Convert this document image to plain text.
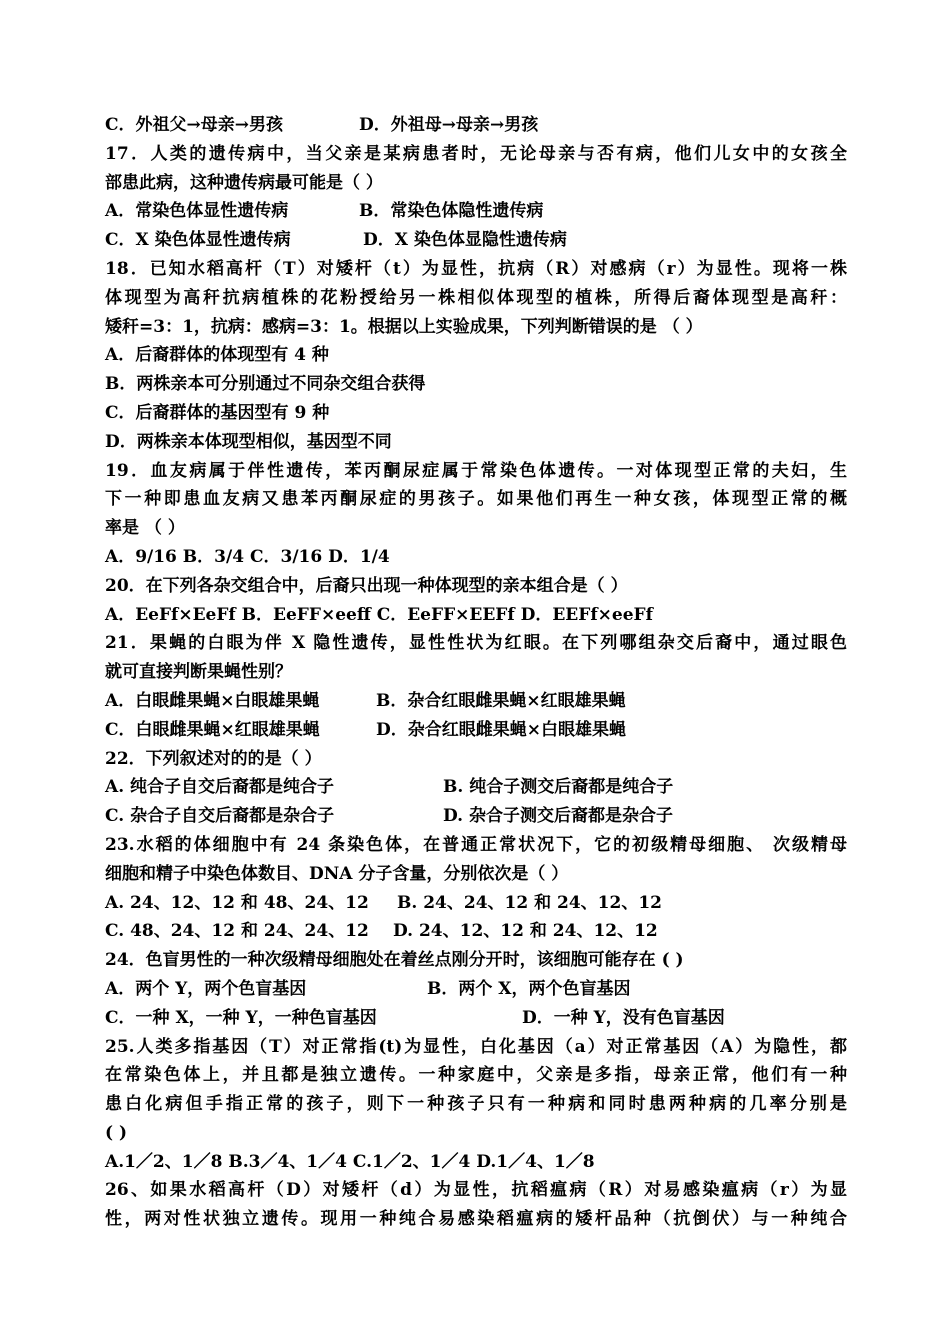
C．外祖父→母亲→男孩	D．外祖母→母亲→男孩
17．人类的遗传病中，当父亲是某病患者时，无论母亲与否有病，他们儿女中的女孩全
部患此病，这种遗传病最可能是（ ）
A．常染色体显性遗传病	B．常染色体隐性遗传病
C．X 染色体显性遗传病	D．X 染色体显隐性遗传病
18．已知水稻高杆（T）对矮杆（t）为显性，抗病（R）对感病（r）为显性。现将一株
体现型为高秆抗病植株的花粉授给另一株相似体现型的植株，所得后裔体现型是高秆：
矮秆=3：1，抗病：感病=3：1。根据以上实验成果，下列判断错误的是 （ ）
A．后裔群体的体现型有 4 种
B．两株亲本可分别通过不同杂交组合获得
C．后裔群体的基因型有 9 种
D．两株亲本体现型相似，基因型不同
19．血友病属于伴性遗传，苯丙酮尿症属于常染色体遗传。一对体现型正常的夫妇，生
下一种即患血友病又患苯丙酮尿症的男孩子。如果他们再生一种女孩，体现型正常的概
率是 （ ）
A．9/16 B．3/4 C．3/16 D．1/4
20．在下列各杂交组合中，后裔只出现一种体现型的亲本组合是（ ）
A．EeFf×EeFf B．EeFF×eeff C．EeFF×EEFf D．EEFf×eeFf
21．果蝇的白眼为伴 X 隐性遗传，显性性状为红眼。在下列哪组杂交后裔中，通过眼色
就可直接判断果蝇性别？
A．白眼雌果蝇×白眼雄果蝇	B．杂合红眼雌果蝇×红眼雄果蝇
C．白眼雌果蝇×红眼雄果蝇	D．杂合红眼雌果蝇×白眼雄果蝇
22．下列叙述对的的是（ ）
A. 纯合子自交后裔都是纯合子	B. 纯合子测交后裔都是纯合子
C. 杂合子自交后裔都是杂合子	D. 杂合子测交后裔都是杂合子
23.水稻的体细胞中有 24 条染色体，在普通正常状况下，它的初级精母细胞、 次级精母
细胞和精子中染色体数目、DNA 分子含量，分别依次是（ ）
A. 24、12、12 和 48、24、12 B. 24、24、12 和 24、12、12
C. 48、24、12 和 24、24、12 D. 24、12、12 和 24、12、12
24．色盲男性的一种次级精母细胞处在着丝点刚分开时，该细胞可能存在 ( )
A．两个 Y，两个色盲基因	B．两个 X，两个色盲基因
C．一种 X，一种 Y，一种色盲基因	D．一种 Y，没有色盲基因
25.人类多指基因（T）对正常指(t)为显性，白化基因（a）对正常基因（A）为隐性，都
在常染色体上，并且都是独立遗传。一种家庭中，父亲是多指，母亲正常，他们有一种
患白化病但手指正常的孩子，则下一种孩子只有一种病和同时患两种病的几率分别是
( )
A.1／2、1／8 B.3／4、1／4 C.1／2、1／4 D.1／4、1／8
26、如果水稻高杆（D）对矮杆（d）为显性，抗稻瘟病（R）对易感染瘟病（r）为显
性，两对性状独立遗传。现用一种纯合易感染稻瘟病的矮杆品种（抗倒伏）与一种纯合
